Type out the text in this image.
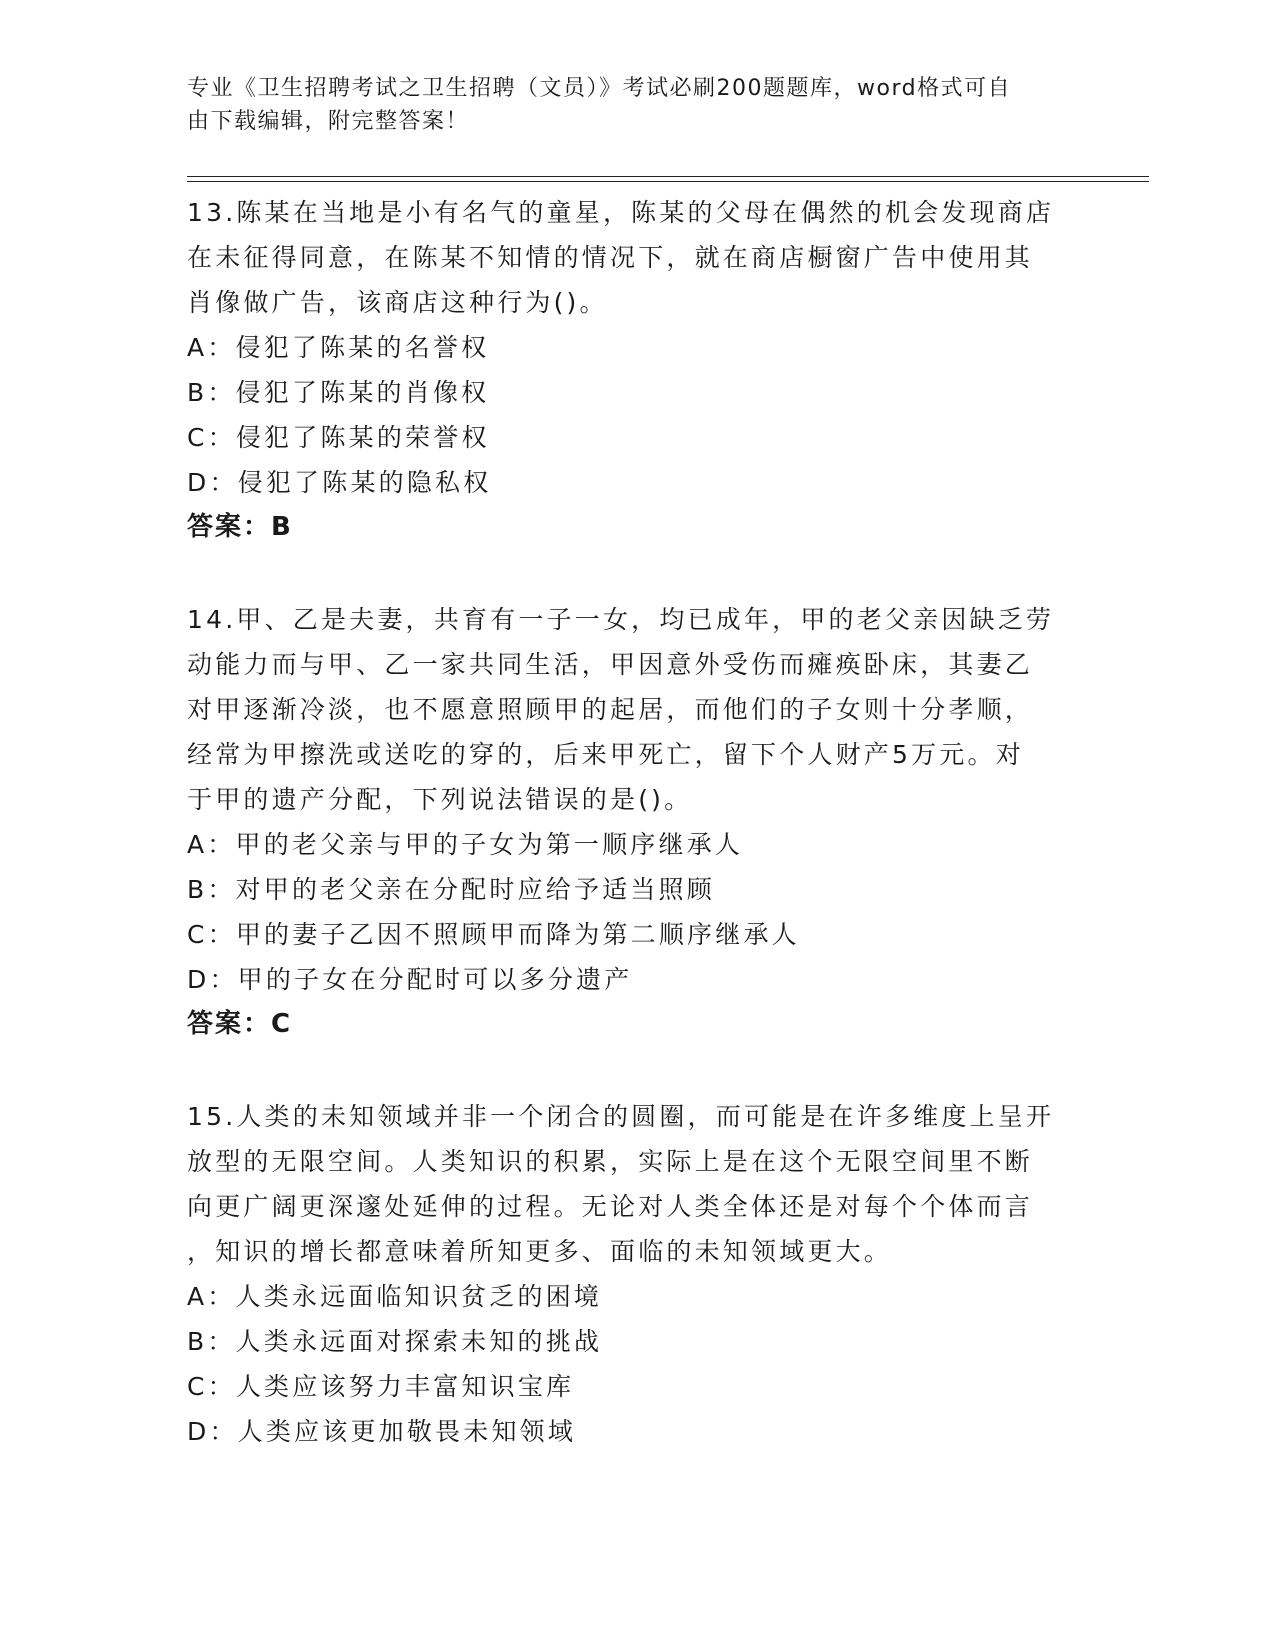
专业《卫生招聘考试之卫生招聘（文员）》考试必刷200题题库，word格式可自
由下载编辑，附完整答案！
13.陈某在当地是小有名气的童星，陈某的父母在偶然的机会发现商店
在未征得同意，在陈某不知情的情况下，就在商店橱窗广告中使用其
肖像做广告，该商店这种行为()。
A：侵犯了陈某的名誉权
B：侵犯了陈某的肖像权
C：侵犯了陈某的荣誉权
D：侵犯了陈某的隐私权
答案：B
14.甲、乙是夫妻，共育有一子一女，均已成年，甲的老父亲因缺乏劳
动能力而与甲、乙一家共同生活，甲因意外受伤而瘫痪卧床，其妻乙
对甲逐渐冷淡，也不愿意照顾甲的起居，而他们的子女则十分孝顺，
经常为甲擦洗或送吃的穿的，后来甲死亡，留下个人财产5万元。对
于甲的遗产分配，下列说法错误的是()。
A：甲的老父亲与甲的子女为第一顺序继承人
B：对甲的老父亲在分配时应给予适当照顾
C：甲的妻子乙因不照顾甲而降为第二顺序继承人
D：甲的子女在分配时可以多分遗产
答案：C
15.人类的未知领域并非一个闭合的圆圈，而可能是在许多维度上呈开
放型的无限空间。人类知识的积累，实际上是在这个无限空间里不断
向更广阔更深邃处延伸的过程。无论对人类全体还是对每个个体而言
，知识的增长都意味着所知更多、面临的未知领域更大。
A：人类永远面临知识贫乏的困境
B：人类永远面对探索未知的挑战
C：人类应该努力丰富知识宝库
D：人类应该更加敬畏未知领域
